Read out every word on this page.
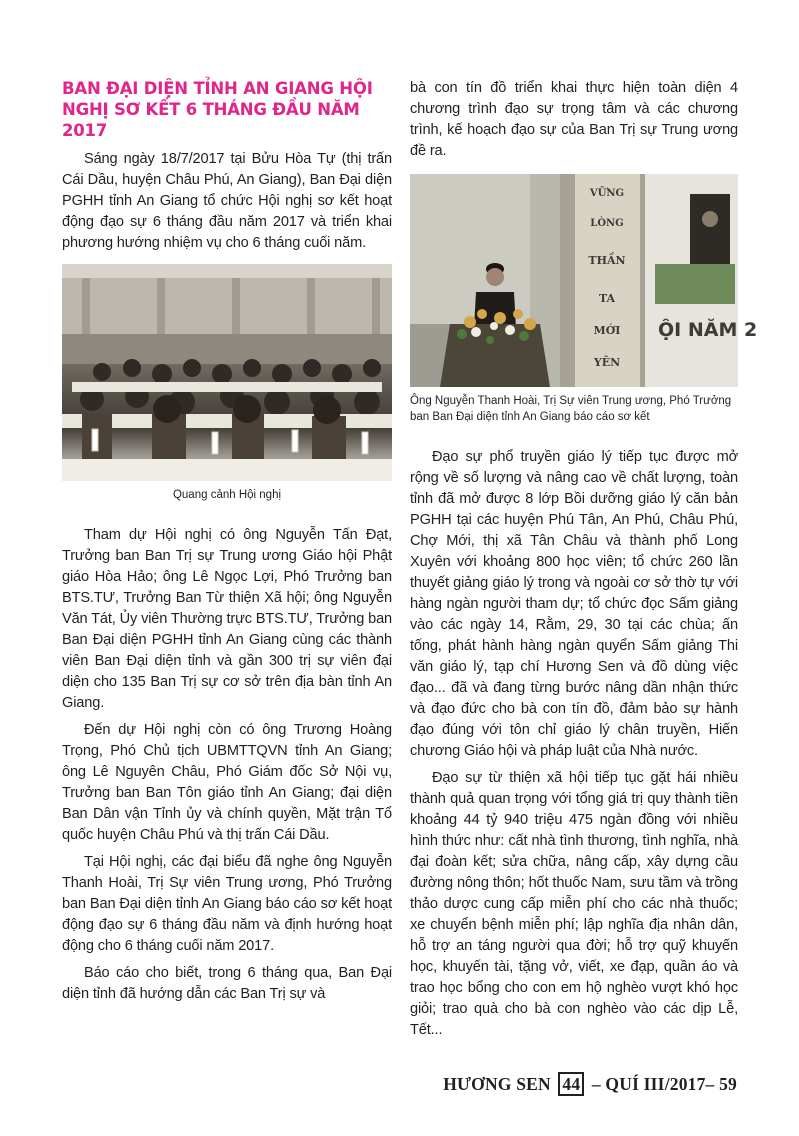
BAN ĐẠI DIỆN TỈNH AN GIANG HỘI NGHỊ SƠ KẾT 6 THÁNG ĐẦU NĂM 2017

Sáng ngày 18/7/2017 tại Bửu Hòa Tự (thị trấn Cái Dầu, huyện Châu Phú, An Giang), Ban Đại diện PGHH tỉnh An Giang tổ chức Hội nghị sơ kết hoạt động đạo sự 6 tháng đầu năm 2017 và triển khai phương hướng nhiệm vụ cho 6 tháng cuối năm.

Quang cảnh Hội nghị

Tham dự Hội nghị có ông Nguyễn Tấn Đạt, Trưởng ban Ban Trị sự Trung ương Giáo hội Phật giáo Hòa Hảo; ông Lê Ngọc Lợi, Phó Trưởng ban BTS.TƯ, Trưởng Ban Từ thiện Xã hội; ông Nguyễn Văn Tát, Ủy viên Thường trực BTS.TƯ, Trưởng ban Ban Đại diện PGHH tỉnh An Giang cùng các thành viên Ban Đại diện tỉnh và gần 300 trị sự viên đại diện cho 135 Ban Trị sự cơ sở trên địa bàn tỉnh An Giang.

Đến dự Hội nghị còn có ông Trương Hoàng Trọng, Phó Chủ tịch UBMTTQVN tỉnh An Giang; ông Lê Nguyên Châu, Phó Giám đốc Sở Nội vụ, Trưởng ban Ban Tôn giáo tỉnh An Giang; đại diện Ban Dân vận Tỉnh ủy và chính quyền, Mặt trận Tổ quốc huyện Châu Phú và thị trấn Cái Dầu.

Tại Hội nghị, các đại biểu đã nghe ông Nguyễn Thanh Hoài, Trị Sự viên Trung ương, Phó Trưởng ban Ban Đại diện tỉnh An Giang báo cáo sơ kết hoạt động đạo sự 6 tháng đầu năm và định hướng hoạt động cho 6 tháng cuối năm 2017.

Báo cáo cho biết, trong 6 tháng qua, Ban Đại diện tỉnh đã hướng dẫn các Ban Trị sự và

bà con tín đồ triển khai thực hiện toàn diện 4 chương trình đạo sự trọng tâm và các chương trình, kế hoạch đạo sự của Ban Trị sự Trung ương đề ra.

VỮNG
LÒNG
THẦN
TA
MỚI
YÊN
ỘI NĂM 2

Ông Nguyễn Thanh Hoài, Trị Sự viên Trung ương, Phó Trưởng ban Ban Đại diện tỉnh An Giang báo cáo sơ kết

Đạo sự phổ truyền giáo lý tiếp tục được mở rộng về số lượng và nâng cao về chất lượng, toàn tỉnh đã mở được 8 lớp Bồi dưỡng giáo lý căn bản PGHH tại các huyện Phú Tân, An Phú, Châu Phú, Chợ Mới, thị xã Tân Châu và thành phố Long Xuyên với khoảng 800 học viên; tổ chức 260 lần thuyết giảng giáo lý trong và ngoài cơ sở thờ tự với hàng ngàn người tham dự; tổ chức đọc Sấm giảng vào các ngày 14, Rằm, 29, 30 tại các chùa; ấn tống, phát hành hàng ngàn quyển Sấm giảng Thi văn giáo lý, tạp chí Hương Sen và đồ dùng việc đạo... đã và đang từng bước nâng dần nhận thức và đạo đức cho bà con tín đồ, đảm bảo sự hành đạo đúng với tôn chỉ giáo lý chân truyền, Hiến chương Giáo hội và pháp luật của Nhà nước.

Đạo sự từ thiện xã hội tiếp tục gặt hái nhiều thành quả quan trọng với tổng giá trị quy thành tiền khoảng 44 tỷ 940 triệu 475 ngàn đồng với nhiều hình thức như: cất nhà tình thương, tình nghĩa, nhà đại đoàn kết; sửa chữa, nâng cấp, xây dựng cầu đường nông thôn; hốt thuốc Nam, sưu tầm và trồng thảo dược cung cấp miễn phí cho các nhà thuốc; xe chuyển bệnh miễn phí; lập nghĩa địa nhân dân, hỗ trợ an táng người qua đời; hỗ trợ quỹ khuyến học, khuyến tài, tặng vở, viết, xe đạp, quần áo và trao học bổng cho con em hộ nghèo vượt khó học giỏi; trao quà cho bà con nghèo vào các dịp Lễ, Tết...

HƯƠNG SEN 44 – QUÍ III/2017– 59
